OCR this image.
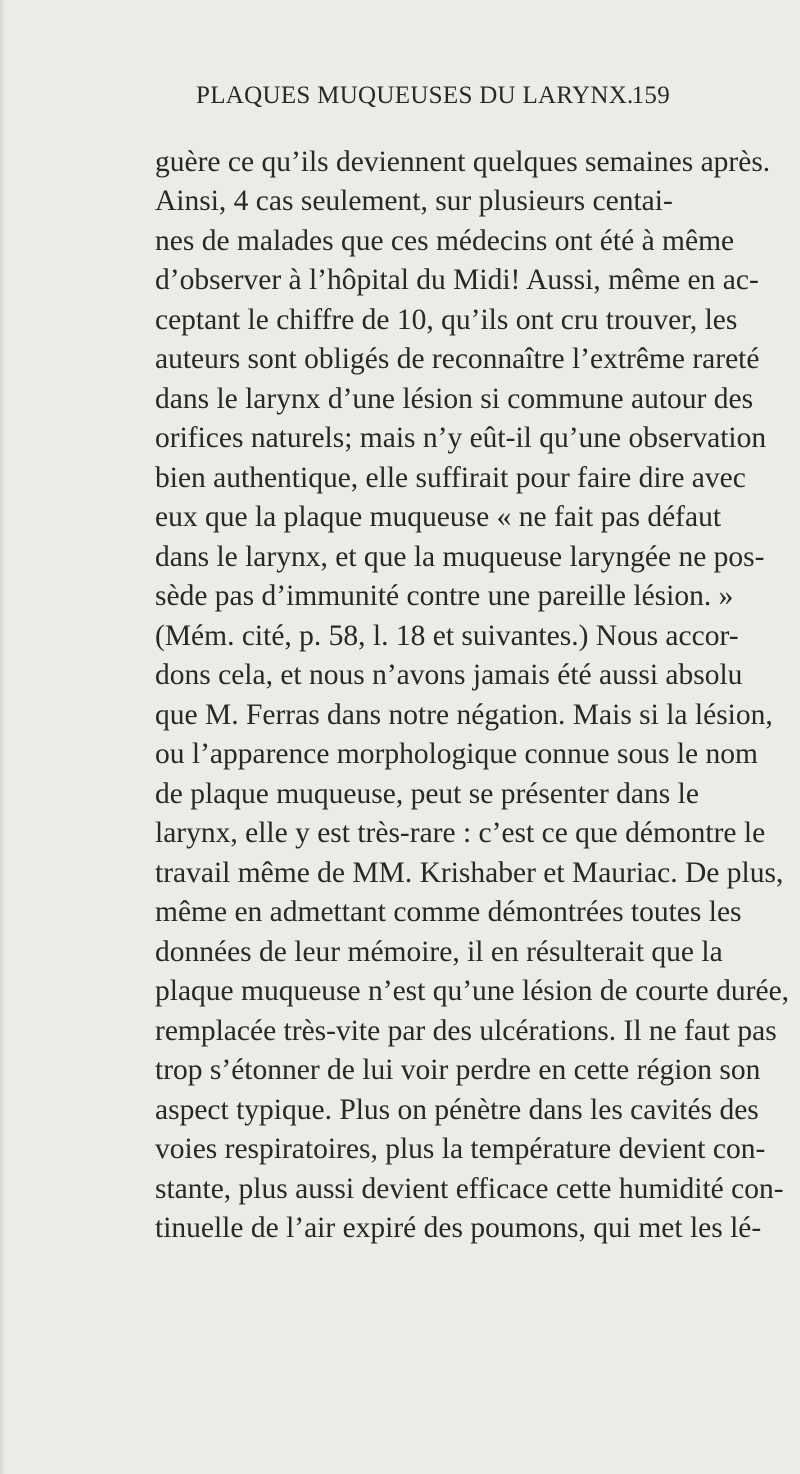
PLAQUES MUQUEUSES DU LARYNX.
159
guère ce qu’ils deviennent quelques semaines après.
Ainsi, 4 cas seulement, sur plusieurs centai-
nes de malades que ces médecins ont été à même
d’observer à l’hôpital du Midi! Aussi, même en ac-
ceptant le chiffre de 10, qu’ils ont cru trouver, les
auteurs sont obligés de reconnaître l’extrême rareté
dans le larynx d’une lésion si commune autour des
orifices naturels; mais n’y eût-il qu’une observation
bien authentique, elle suffirait pour faire dire avec
eux que la plaque muqueuse « ne fait pas défaut
dans le larynx, et que la muqueuse laryngée ne pos-
sède pas d’immunité contre une pareille lésion. »
(Mém. cité, p. 58, l. 18 et suivantes.) Nous accor-
dons cela, et nous n’avons jamais été aussi absolu
que M. Ferras dans notre négation. Mais si la lésion,
ou l’apparence morphologique connue sous le nom
de plaque muqueuse, peut se présenter dans le
larynx, elle y est très-rare : c’est ce que démontre le
travail même de MM. Krishaber et Mauriac. De plus,
même en admettant comme démontrées toutes les
données de leur mémoire, il en résulterait que la
plaque muqueuse n’est qu’une lésion de courte durée,
remplacée très-vite par des ulcérations. Il ne faut pas
trop s’étonner de lui voir perdre en cette région son
aspect typique. Plus on pénètre dans les cavités des
voies respiratoires, plus la température devient con-
stante, plus aussi devient efficace cette humidité con-
tinuelle de l’air expiré des poumons, qui met les lé-
